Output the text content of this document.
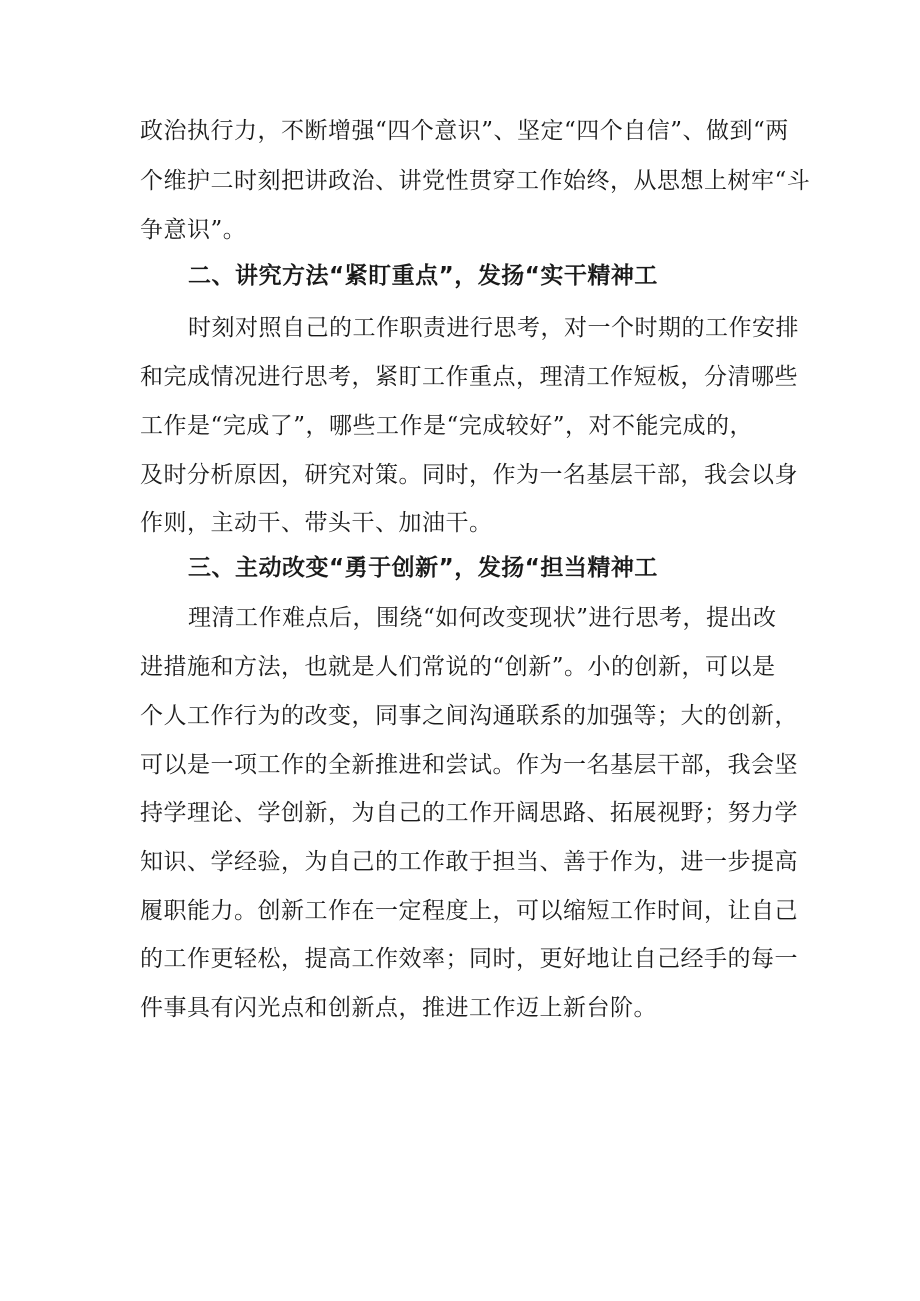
政治执行力，不断增强“四个意识”、坚定“四个自信”、做到“两
个维护二时刻把讲政治、讲党性贯穿工作始终，从思想上树牢“斗
争意识”。
二、讲究方法“紧盯重点”，发扬“实干精神工
时刻对照自己的工作职责进行思考，对一个时期的工作安排
和完成情况进行思考，紧盯工作重点，理清工作短板，分清哪些
工作是“完成了”，哪些工作是“完成较好”，对不能完成的，
及时分析原因，研究对策。同时，作为一名基层干部，我会以身
作则，主动干、带头干、加油干。
三、主动改变“勇于创新”，发扬“担当精神工
理清工作难点后，围绕“如何改变现状”进行思考，提出改
进措施和方法，也就是人们常说的“创新”。小的创新，可以是
个人工作行为的改变，同事之间沟通联系的加强等；大的创新，
可以是一项工作的全新推进和尝试。作为一名基层干部，我会坚
持学理论、学创新，为自己的工作开阔思路、拓展视野；努力学
知识、学经验，为自己的工作敢于担当、善于作为，进一步提高
履职能力。创新工作在一定程度上，可以缩短工作时间，让自己
的工作更轻松，提高工作效率；同时，更好地让自己经手的每一
件事具有闪光点和创新点，推进工作迈上新台阶。
